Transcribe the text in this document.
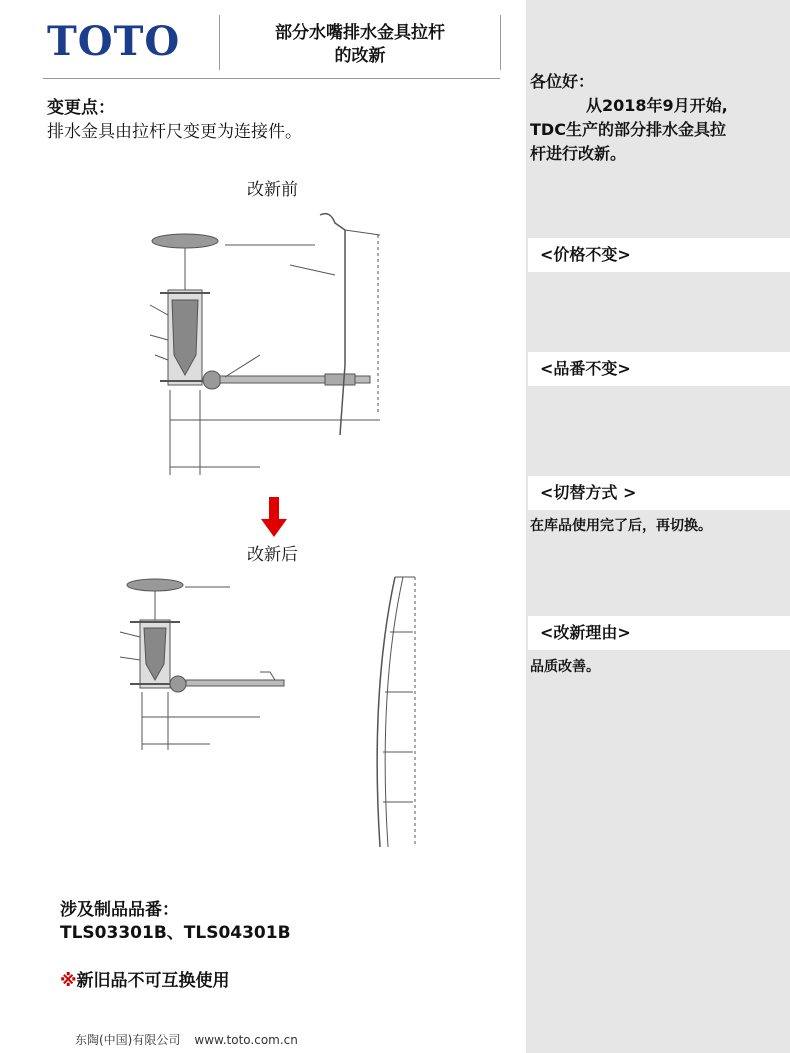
TOTO	部分水嘴排水金具拉杆
的改新
变更点：
排水金具由拉杆尺变更为连接件。
改新前
改新后
涉及制品品番：
TLS03301B、TLS04301B
※新旧品不可互换使用
东陶(中国)有限公司 www.toto.com.cn
各位好：
从2018年9月开始,
TDC生产的部分排水金具拉
杆进行改新。
<价格不变>
<品番不变>
<切替方式 >
在库品使用完了后，再切换。
<改新理由>
品质改善。
